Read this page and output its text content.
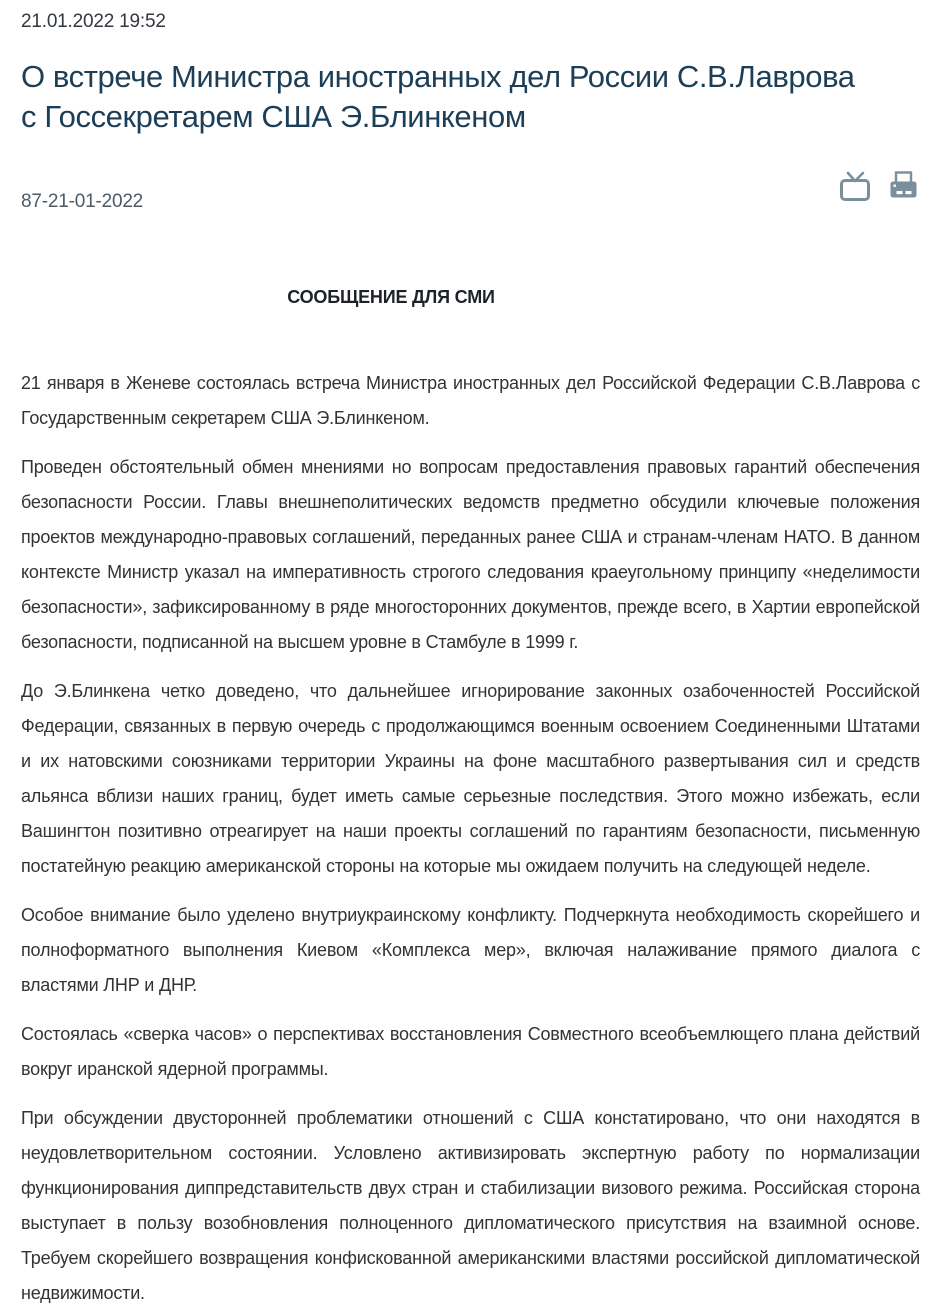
21.01.2022 19:52
О встрече Министра иностранных дел России С.В.Лаврова с Госсекретарем США Э.Блинкеном
87-21-01-2022
СООБЩЕНИЕ ДЛЯ СМИ

21 января в Женеве состоялась встреча Министра иностранных дел Российской Федерации С.В.Лаврова с Государственным секретарем США Э.Блинкеном.

Проведен обстоятельный обмен мнениями но вопросам предоставления правовых гарантий обеспечения безопасности России. Главы внешнеполитических ведомств предметно обсудили ключевые положения проектов международно-правовых соглашений, переданных ранее США и странам-членам НАТО. В данном контексте Министр указал на императивность строгого следования краеугольному принципу «неделимости безопасности», зафиксированному в ряде многосторонних документов, прежде всего, в Хартии европейской безопасности, подписанной на высшем уровне в Стамбуле в 1999 г.

До Э.Блинкена четко доведено, что дальнейшее игнорирование законных озабоченностей Российской Федерации, связанных в первую очередь с продолжающимся военным освоением Соединенными Штатами и их натовскими союзниками территории Украины на фоне масштабного развертывания сил и средств альянса вблизи наших границ, будет иметь самые серьезные последствия. Этого можно избежать, если Вашингтон позитивно отреагирует на наши проекты соглашений по гарантиям безопасности, письменную постатейную реакцию американской стороны на которые мы ожидаем получить на следующей неделе.

Особое внимание было уделено внутриукраинскому конфликту. Подчеркнута необходимость скорейшего и полноформатного выполнения Киевом «Комплекса мер», включая налаживание прямого диалога с властями ЛНР и ДНР.

Состоялась «сверка часов» о перспективах восстановления Совместного всеобъемлющего плана действий вокруг иранской ядерной программы.

При обсуждении двусторонней проблематики отношений с США констатировано, что они находятся в неудовлетворительном состоянии. Условлено активизировать экспертную работу по нормализации функционирования диппредставительств двух стран и стабилизации визового режима. Российская сторона выступает в пользу возобновления полноценного дипломатического присутствия на взаимной основе. Требуем скорейшего возвращения конфискованной американскими властями российской дипломатической недвижимости.
